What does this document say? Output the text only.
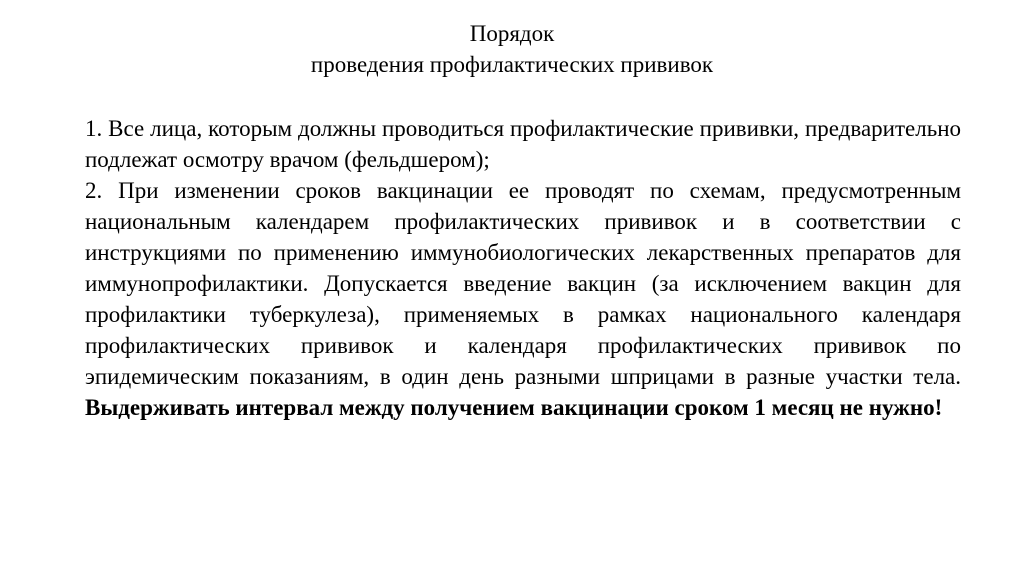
Порядок
проведения профилактических прививок

1. Все лица, которым должны проводиться профилактические прививки, предварительно подлежат осмотру врачом (фельдшером);

2. При изменении сроков вакцинации ее проводят по схемам, предусмотренным национальным календарем профилактических прививок и в соответствии с инструкциями по применению иммунобиологических лекарственных препаратов для иммунопрофилактики. Допускается введение вакцин (за исключением вакцин для профилактики туберкулеза), применяемых в рамках национального календаря профилактических прививок и календаря профилактических прививок по эпидемическим показаниям, в один день разными шприцами в разные участки тела. Выдерживать интервал между получением вакцинации сроком 1 месяц не нужно!
